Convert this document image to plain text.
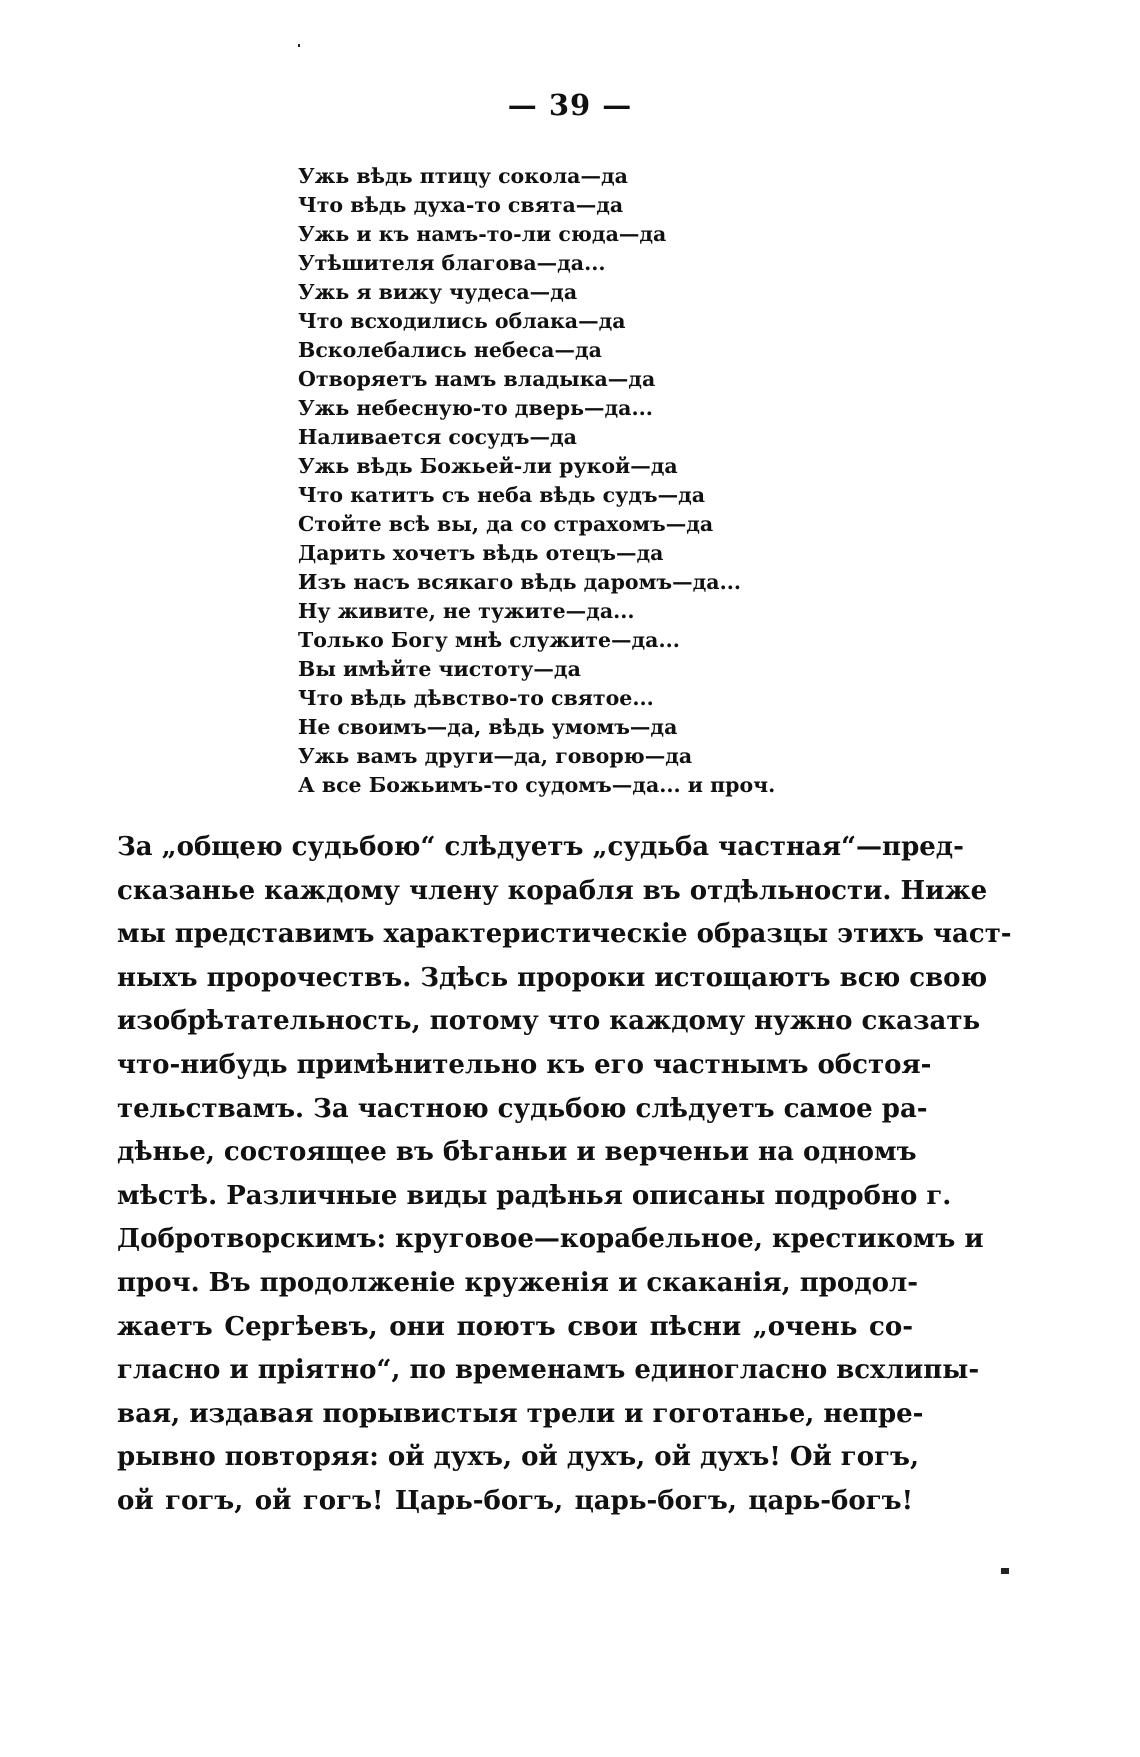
— 39 —
Ужь вѣдь птицу сокола—да
Что вѣдь духа-то свята—да
Ужь и къ намъ-то-ли сюда—да
Утѣшителя благова—да...
Ужь я вижу чудеса—да
Что всходились облака—да
Всколебались небеса—да
Отворяетъ намъ владыка—да
Ужь небесную-то дверь—да...
Наливается сосудъ—да
Ужь вѣдь Божьей-ли рукой—да
Что катитъ съ неба вѣдь судъ—да
Стойте всѣ вы, да со страхомъ—да
Дарить хочетъ вѣдь отецъ—да
Изъ насъ всякаго вѣдь даромъ—да...
Ну живите, не тужите—да...
Только Богу мнѣ служите—да...
Вы имѣйте чистоту—да
Что вѣдь дѣвство-то святое...
Не своимъ—да, вѣдь умомъ—да
Ужь вамъ други—да, говорю—да
А все Божьимъ-то судомъ—да... и проч.
За „общею судьбою“ слѣдуетъ „судьба частная“—пред-
сказанье каждому члену корабля въ отдѣльности. Ниже
мы представимъ характеристическіе образцы этихъ част-
ныхъ пророчествъ. Здѣсь пророки истощаютъ всю свою
изобрѣтательность, потому что каждому нужно сказать
что-нибудь примѣнительно къ его частнымъ обстоя-
тельствамъ. За частною судьбою слѣдуетъ самое ра-
дѣнье, состоящее въ бѣганьи и верченьи на одномъ
мѣстѣ. Различные виды радѣнья описаны подробно г.
Добротворскимъ: круговое—корабельное, крестикомъ и
проч. Въ продолженіе круженія и скаканія, продол-
жаетъ Сергѣевъ, они поютъ свои пѣсни „очень со-
гласно и пріятно“, по временамъ единогласно всхлипы-
вая, издавая порывистыя трели и гоготанье, непре-
рывно повторяя: ой духъ, ой духъ, ой духъ! Ой гогъ,
ой гогъ, ой гогъ! Царь-богъ, царь-богъ, царь-богъ!
